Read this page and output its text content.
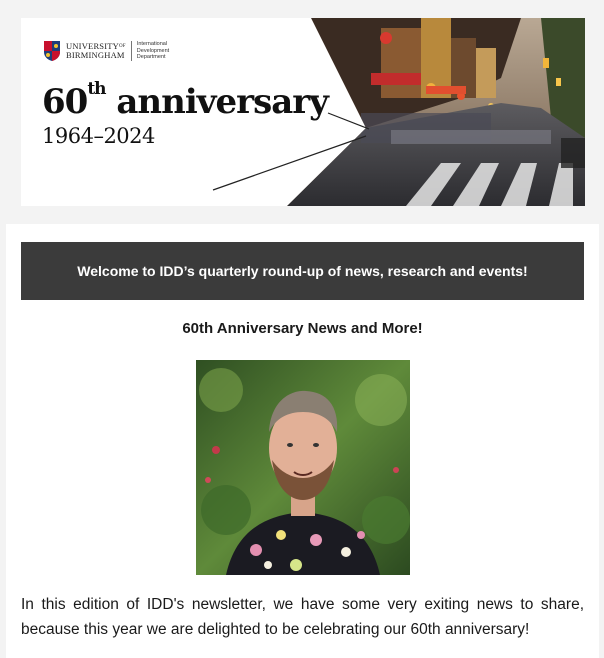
$UNIVERSITY^{OF}$
BIRMINGHAM
International
Development
Department
60th anniversary
1964–2024
Welcome to IDD’s quarterly round-up of news, research and events!
60th Anniversary News and More!
In this edition of IDD's newsletter, we have some very exiting news to share, because this year we are delighted to be celebrating our 60th anniversary!
